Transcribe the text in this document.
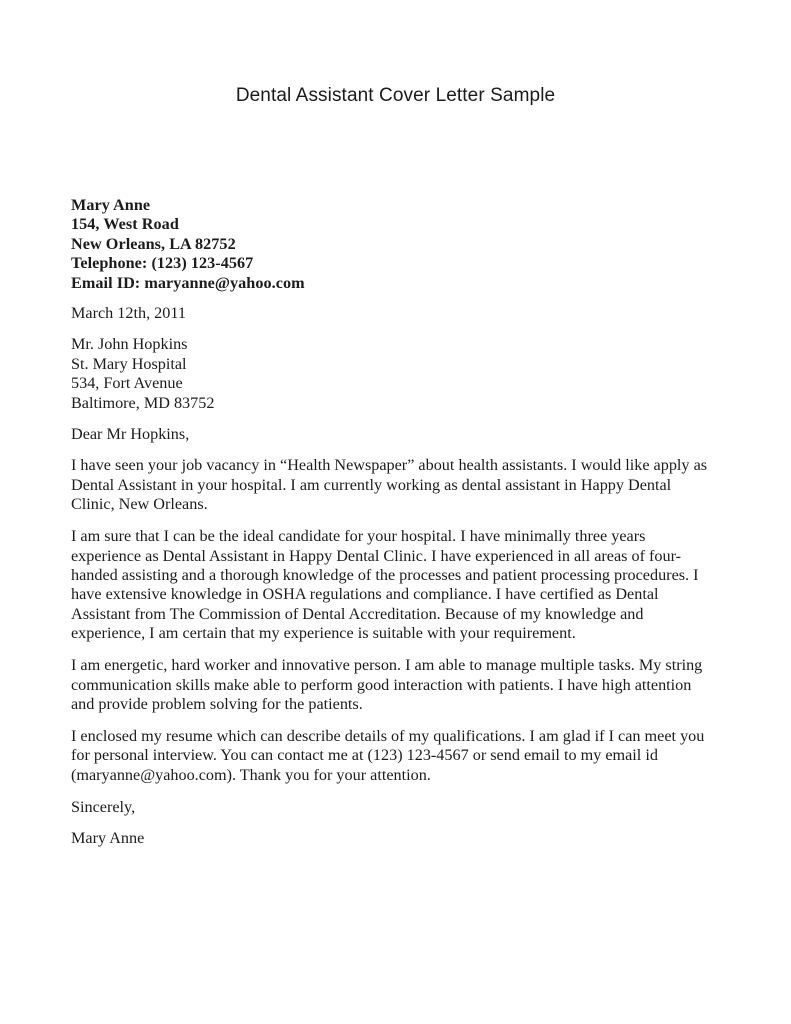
Dental Assistant Cover Letter Sample
Mary Anne
154, West Road
New Orleans, LA 82752
Telephone: (123) 123-4567
Email ID: maryanne@yahoo.com
March 12th, 2011
Mr. John Hopkins
St. Mary Hospital
534, Fort Avenue
Baltimore, MD 83752
Dear Mr Hopkins,

I have seen your job vacancy in “Health Newspaper” about health assistants. I would like apply as Dental Assistant in your hospital. I am currently working as dental assistant in Happy Dental Clinic, New Orleans.

I am sure that I can be the ideal candidate for your hospital. I have minimally three years experience as Dental Assistant in Happy Dental Clinic. I have experienced in all areas of four-handed assisting and a thorough knowledge of the processes and patient processing procedures. I have extensive knowledge in OSHA regulations and compliance. I have certified as Dental Assistant from The Commission of Dental Accreditation. Because of my knowledge and experience, I am certain that my experience is suitable with your requirement.

I am energetic, hard worker and innovative person. I am able to manage multiple tasks. My string communication skills make able to perform good interaction with patients. I have high attention and provide problem solving for the patients.

I enclosed my resume which can describe details of my qualifications. I am glad if I can meet you for personal interview. You can contact me at (123) 123-4567 or send email to my email id (maryanne@yahoo.com). Thank you for your attention.

Sincerely,
Mary Anne
